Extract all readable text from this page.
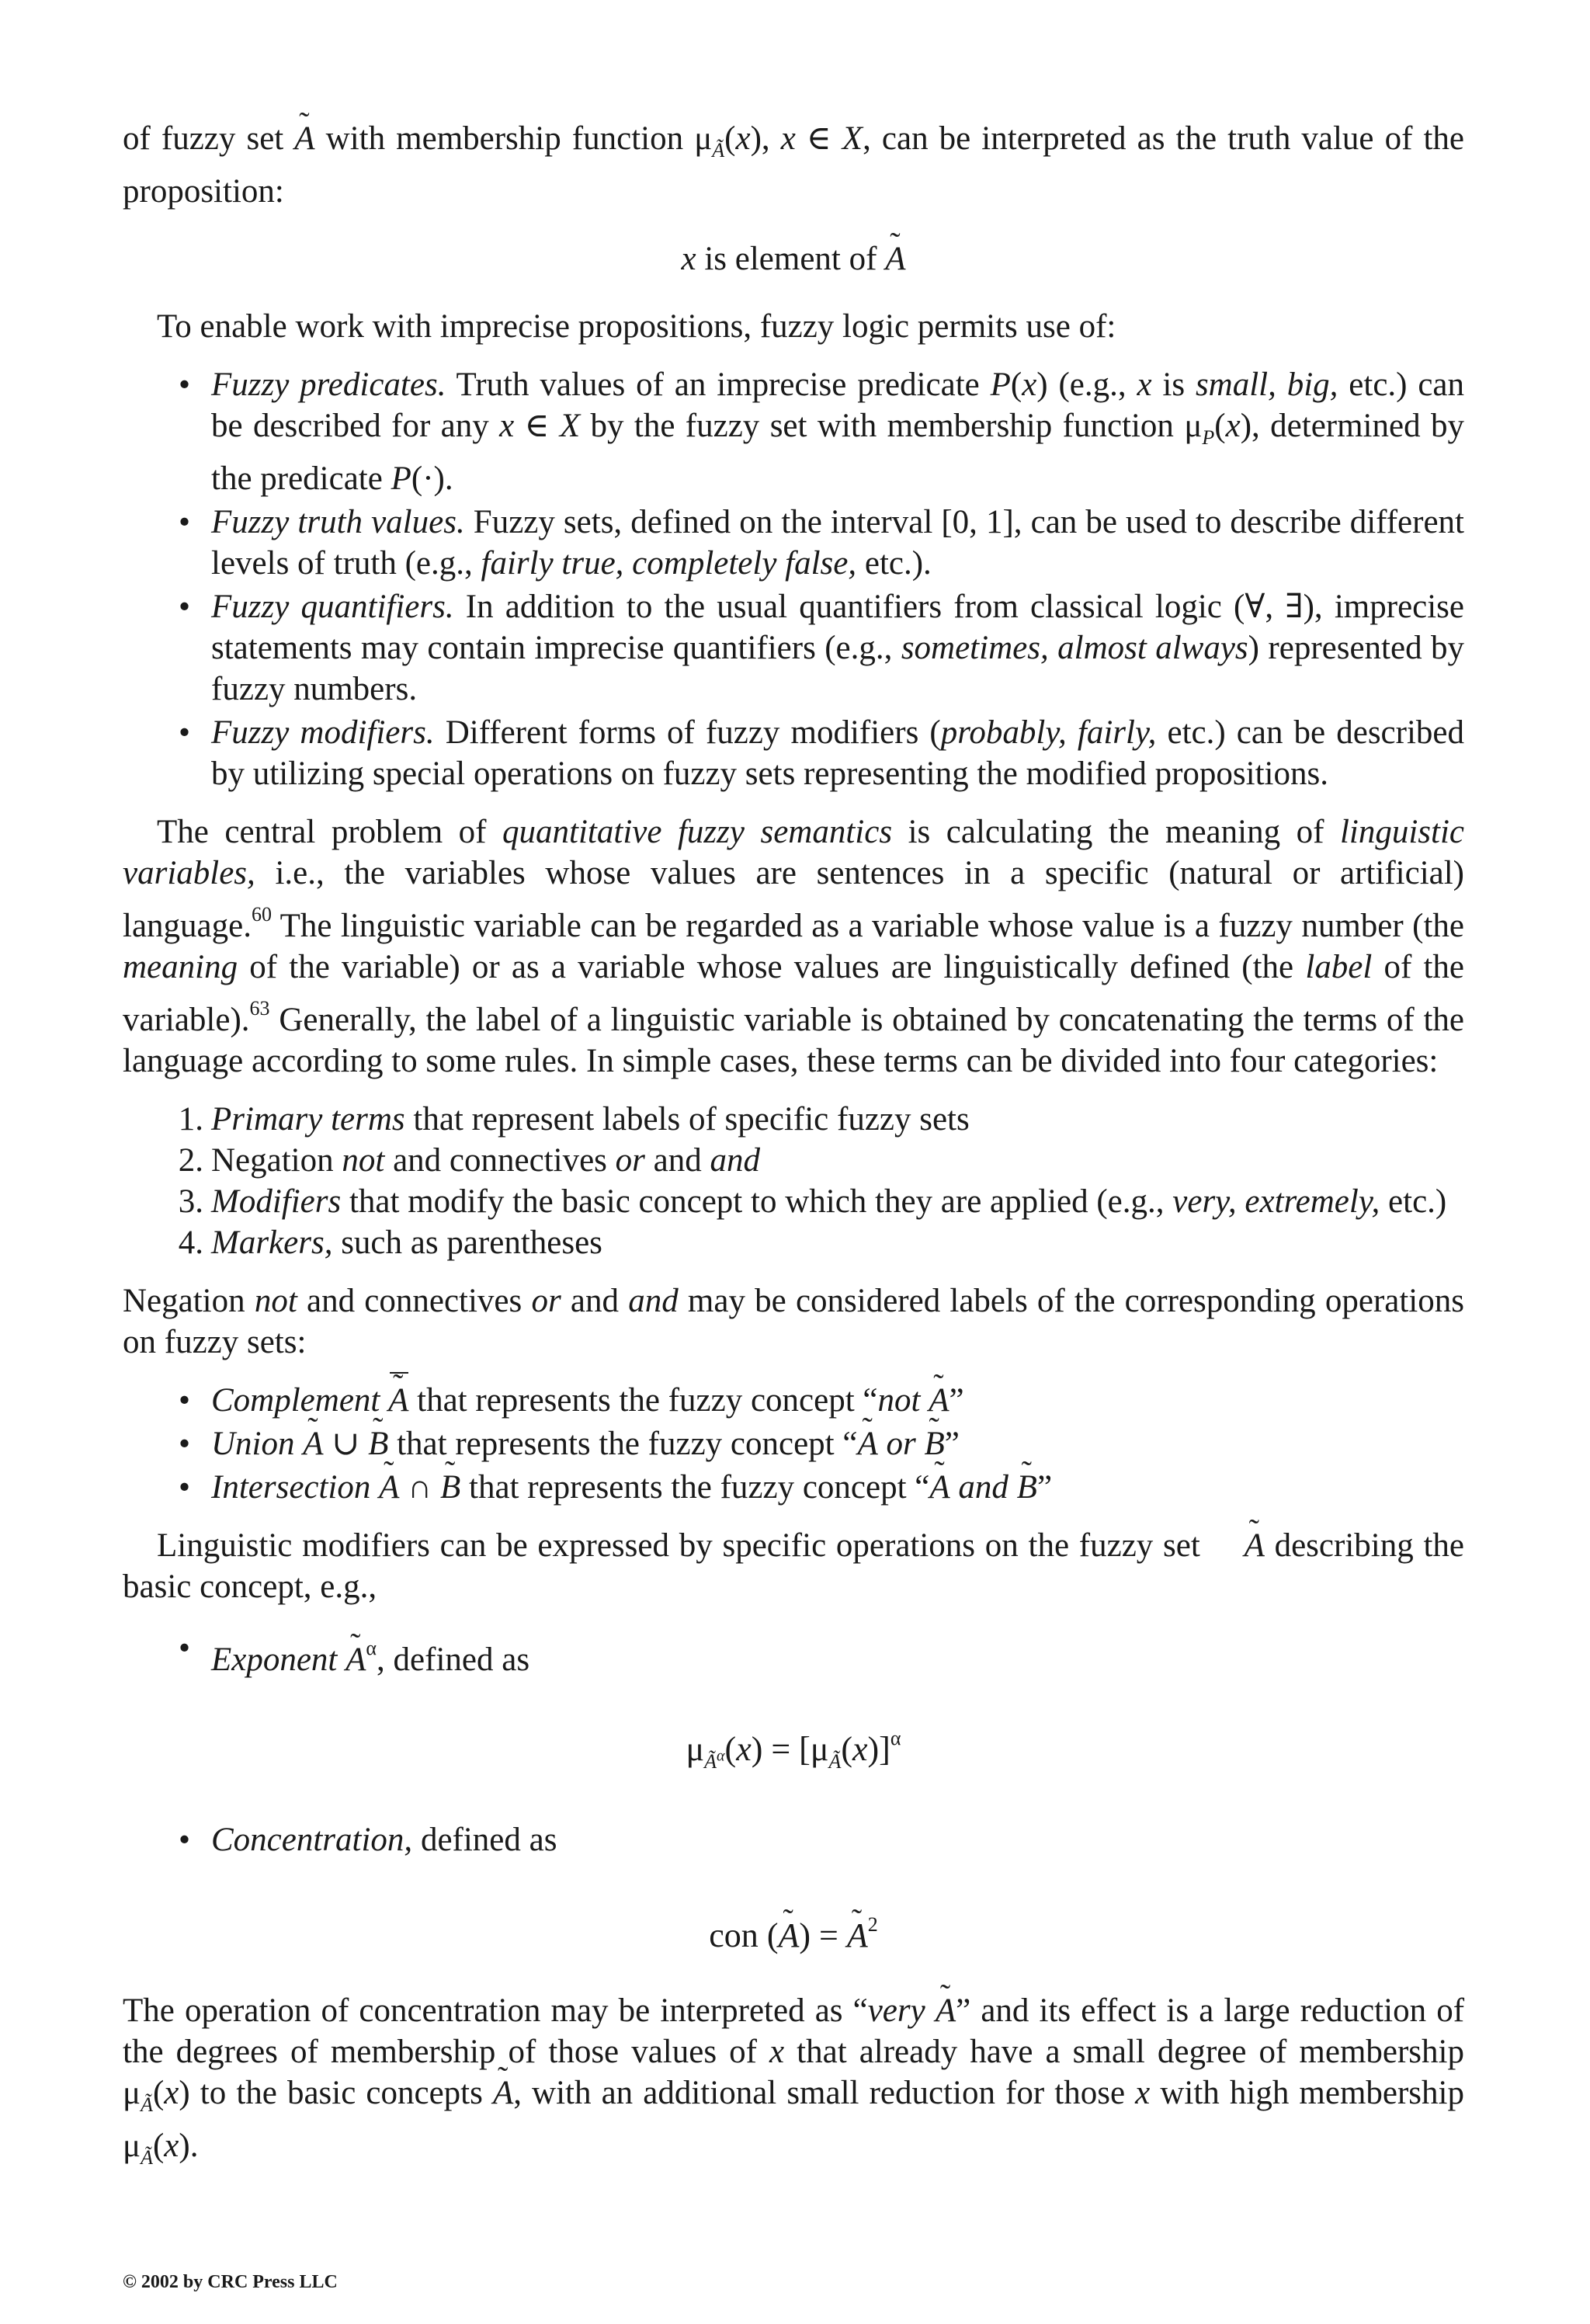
of fuzzy set A ˜ with membership function $\mu_Ã(x)$, x ∈ X, can be interpreted as the truth value of the proposition:

x is element of A ˜

To enable work with imprecise propositions, fuzzy logic permits use of:

• Fuzzy predicates. Truth values of an imprecise predicate P(x) (e.g., x is small, big, etc.) can be described for any x ∈ X by the fuzzy set with membership function $\mu_P(x)$, determined by the predicate P(·).
• Fuzzy truth values. Fuzzy sets, defined on the interval [0, 1], can be used to describe different levels of truth (e.g., fairly true, completely false, etc.).
• Fuzzy quantifiers. In addition to the usual quantifiers from classical logic (∀, ∃), imprecise statements may contain imprecise quantifiers (e.g., sometimes, almost always) represented by fuzzy numbers.
• Fuzzy modifiers. Different forms of fuzzy modifiers (probably, fairly, etc.) can be described by utilizing special operations on fuzzy sets representing the modified propositions.

The central problem of quantitative fuzzy semantics is calculating the meaning of linguistic variables, i.e., the variables whose values are sentences in a specific (natural or artificial) language.$^{60}$ The linguistic variable can be regarded as a variable whose value is a fuzzy number (the meaning of the variable) or as a variable whose values are linguistically defined (the label of the variable).$^{63}$ Generally, the label of a linguistic variable is obtained by concatenating the terms of the language according to some rules. In simple cases, these terms can be divided into four categories:

1. Primary terms that represent labels of specific fuzzy sets
2. Negation not and connectives or and and
3. Modifiers that modify the basic concept to which they are applied (e.g., very, extremely, etc.)
4. Markers, such as parentheses

Negation not and connectives or and and may be considered labels of the corresponding operations on fuzzy sets:

• Complement A ˜ that represents the fuzzy concept “not A ˜”
• Union A ˜ ∪ B ˜ that represents the fuzzy concept “A ˜ or B ˜”
• Intersection A ˜ ∩ B ˜ that represents the fuzzy concept “A ˜ and B ˜”

Linguistic modifiers can be expressed by specific operations on the fuzzy set A ˜ describing the basic concept, e.g.,

• Exponent A ˜$^\alpha$, defined as

$\mu_{Ã^\alpha}(x) = [\mu_Ã(x)]^\alpha$

• Concentration, defined as

con (A ˜) = A ˜$^2$

The operation of concentration may be interpreted as “very A ˜” and its effect is a large reduction of the degrees of membership of those values of x that already have a small degree of membership $\mu_Ã(x)$ to the basic concepts A ˜, with an additional small reduction for those x with high membership $\mu_Ã(x)$.

© 2002 by CRC Press LLC
